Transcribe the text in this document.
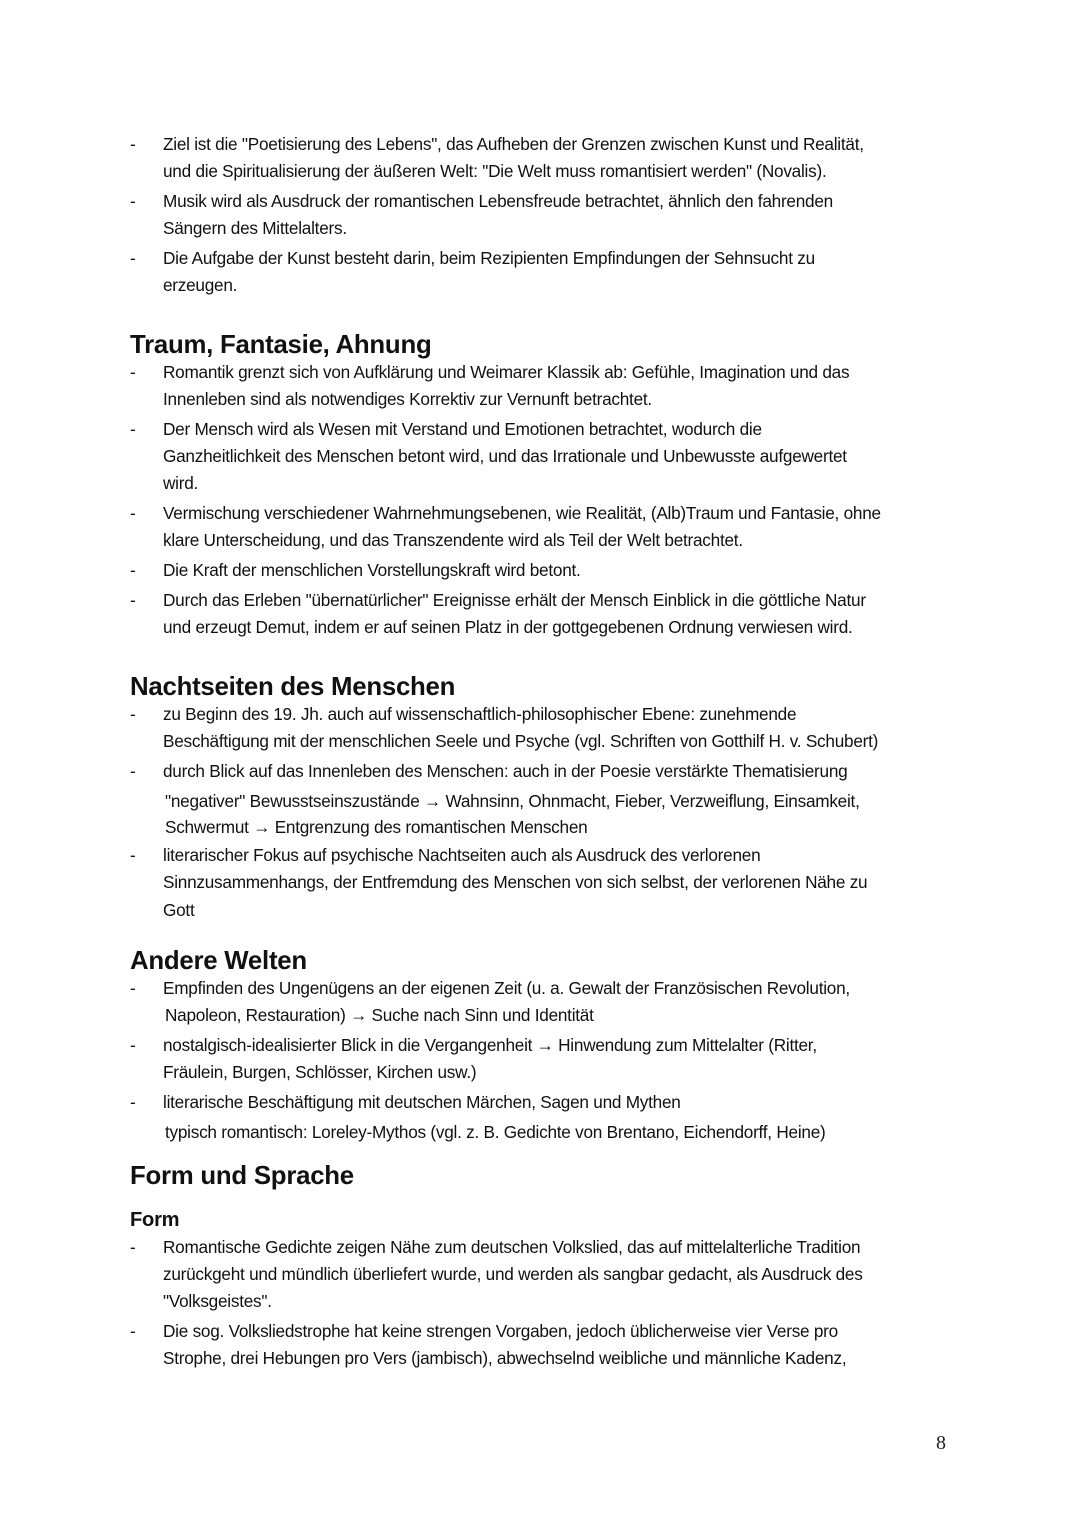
-	Ziel ist die "Poetisierung des Lebens", das Aufheben der Grenzen zwischen Kunst und Realität,
und die Spiritualisierung der äußeren Welt: "Die Welt muss romantisiert werden" (Novalis).
-	Musik wird als Ausdruck der romantischen Lebensfreude betrachtet, ähnlich den fahrenden
Sängern des Mittelalters.
-	Die Aufgabe der Kunst besteht darin, beim Rezipienten Empfindungen der Sehnsucht zu
erzeugen.
Traum, Fantasie, Ahnung
-	Romantik grenzt sich von Aufklärung und Weimarer Klassik ab: Gefühle, Imagination und das
Innenleben sind als notwendiges Korrektiv zur Vernunft betrachtet.
-	Der Mensch wird als Wesen mit Verstand und Emotionen betrachtet, wodurch die
Ganzheitlichkeit des Menschen betont wird, und das Irrationale und Unbewusste aufgewertet
wird.
-	Vermischung verschiedener Wahrnehmungsebenen, wie Realität, (Alb)Traum und Fantasie, ohne
klare Unterscheidung, und das Transzendente wird als Teil der Welt betrachtet.
-	Die Kraft der menschlichen Vorstellungskraft wird betont.
-	Durch das Erleben "übernatürlicher" Ereignisse erhält der Mensch Einblick in die göttliche Natur
und erzeugt Demut, indem er auf seinen Platz in der gottgegebenen Ordnung verwiesen wird.
Nachtseiten des Menschen
-	zu Beginn des 19. Jh. auch auf wissenschaftlich-philosophischer Ebene: zunehmende
Beschäftigung mit der menschlichen Seele und Psyche (vgl. Schriften von Gotthilf H. v. Schubert)
-	durch Blick auf das Innenleben des Menschen: auch in der Poesie verstärkte Thematisierung
"negativer" Bewusstseinszustände → Wahnsinn, Ohnmacht, Fieber, Verzweiflung, Einsamkeit,
Schwermut → Entgrenzung des romantischen Menschen
-	literarischer Fokus auf psychische Nachtseiten auch als Ausdruck des verlorenen
Sinnzusammenhangs, der Entfremdung des Menschen von sich selbst, der verlorenen Nähe zu
Gott
Andere Welten
-	Empfinden des Ungenügens an der eigenen Zeit (u. a. Gewalt der Französischen Revolution,
Napoleon, Restauration) → Suche nach Sinn und Identität
-	nostalgisch-idealisierter Blick in die Vergangenheit → Hinwendung zum Mittelalter (Ritter,
Fräulein, Burgen, Schlösser, Kirchen usw.)
-	literarische Beschäftigung mit deutschen Märchen, Sagen und Mythen
typisch romantisch: Loreley-Mythos (vgl. z. B. Gedichte von Brentano, Eichendorff, Heine)
Form und Sprache
Form
-	Romantische Gedichte zeigen Nähe zum deutschen Volkslied, das auf mittelalterliche Tradition
zurückgeht und mündlich überliefert wurde, und werden als sangbar gedacht, als Ausdruck des
"Volksgeistes".
-	Die sog. Volksliedstrophe hat keine strengen Vorgaben, jedoch üblicherweise vier Verse pro
Strophe, drei Hebungen pro Vers (jambisch), abwechselnd weibliche und männliche Kadenz,
8
